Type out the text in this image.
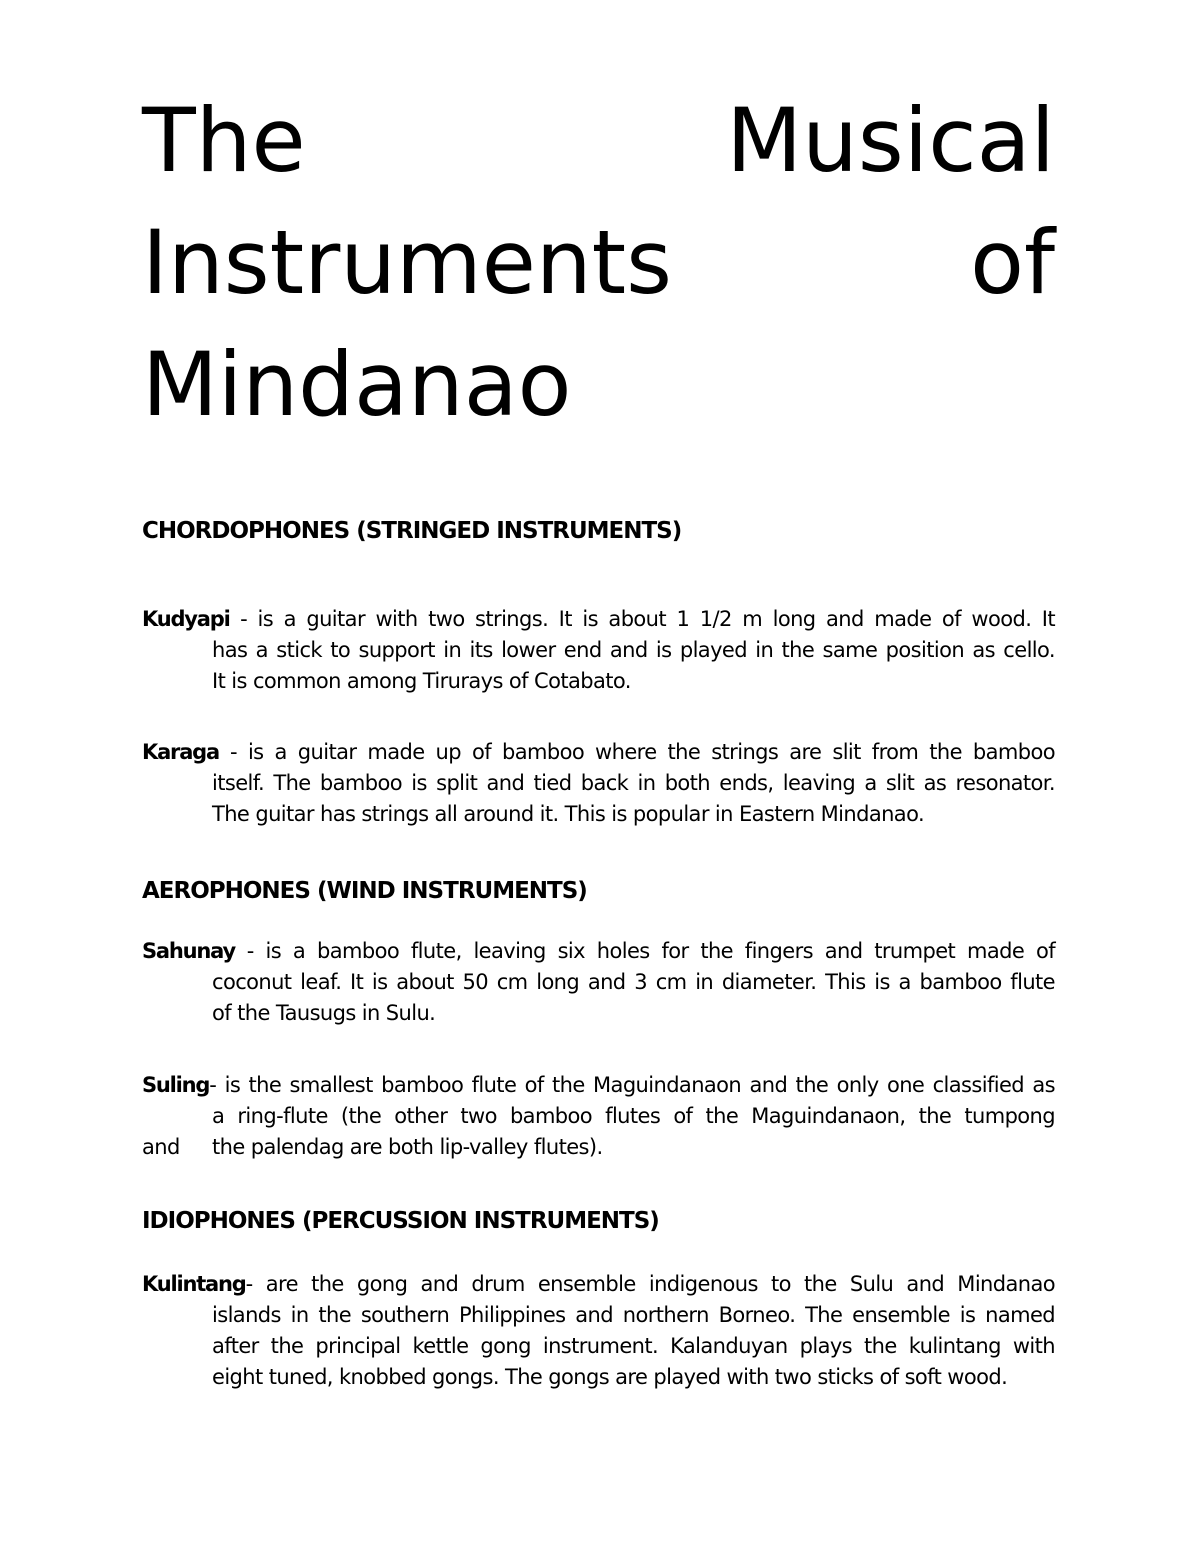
The	Musical
Instruments	of
Mindanao
CHORDOPHONES (STRINGED INSTRUMENTS)
Kudyapi - is a guitar with two strings. It is about 1 1/2 m long and made of wood. It
has a stick to support in its lower end and is played in the same position as cello.
It is common among Tirurays of Cotabato.
Karaga - is a guitar made up of bamboo where the strings are slit from the bamboo
itself. The bamboo is split and tied back in both ends, leaving a slit as resonator.
The guitar has strings all around it. This is popular in Eastern Mindanao.
AEROPHONES (WIND INSTRUMENTS)
Sahunay - is a bamboo flute, leaving six holes for the fingers and trumpet made of
coconut leaf. It is about 50 cm long and 3 cm in diameter. This is a bamboo flute
of the Tausugs in Sulu.
Suling- is the smallest bamboo flute of the Maguindanaon and the only one classified as
a ring-flute (the other two bamboo flutes of the Maguindanaon, the tumpong
the palendag are both lip-valley flutes).
and
IDIOPHONES (PERCUSSION INSTRUMENTS)
Kulintang- are the gong and drum ensemble indigenous to the Sulu and Mindanao
islands in the southern Philippines and northern Borneo. The ensemble is named
after the principal kettle gong instrument. Kalanduyan plays the kulintang with
eight tuned, knobbed gongs. The gongs are played with two sticks of soft wood.
